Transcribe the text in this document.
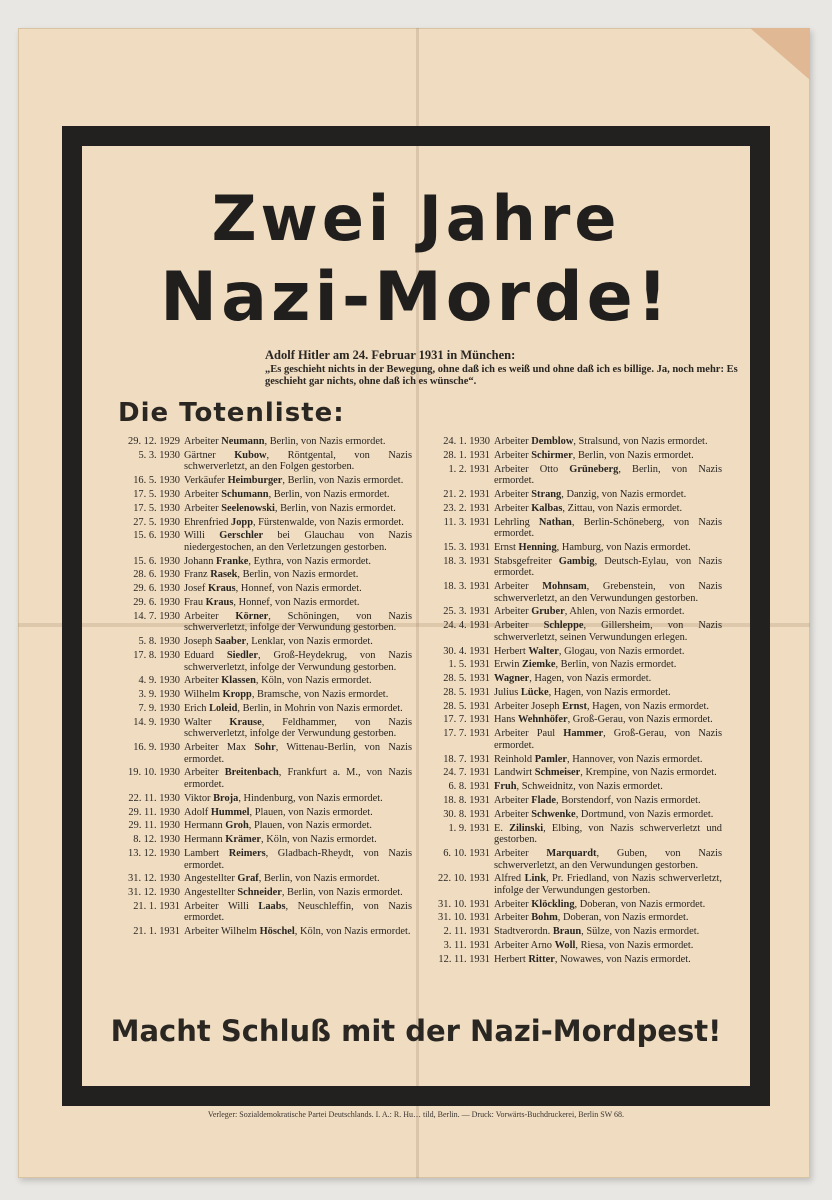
Zwei Jahre
Nazi-Morde!
Adolf Hitler am 24. Februar 1931 in München:
„Es geschieht nichts in der Bewegung, ohne daß ich es weiß und ohne daß ich es billige. Ja, noch mehr: Es geschieht gar nichts, ohne daß ich es wünsche“.
Die Totenliste:
29. 12. 1929 Arbeiter Neumann, Berlin, von Nazis ermordet.
5. 3. 1930 Gärtner Kubow, Röntgental, von Nazis schwerverletzt, an den Folgen gestorben.
16. 5. 1930 Verkäufer Heimburger, Berlin, von Nazis ermordet.
17. 5. 1930 Arbeiter Schumann, Berlin, von Nazis ermordet.
17. 5. 1930 Arbeiter Seelenowski, Berlin, von Nazis ermordet.
27. 5. 1930 Ehrenfried Jopp, Fürstenwalde, von Nazis ermordet.
15. 6. 1930 Willi Gerschler bei Glauchau von Nazis niedergestochen, an den Verletzungen gestorben.
15. 6. 1930 Johann Franke, Eythra, von Nazis ermordet.
28. 6. 1930 Franz Rasek, Berlin, von Nazis ermordet.
29. 6. 1930 Josef Kraus, Honnef, von Nazis ermordet.
29. 6. 1930 Frau Kraus, Honnef, von Nazis ermordet.
14. 7. 1930 Arbeiter Körner, Schöningen, von Nazis schwerverletzt, infolge der Verwundung gestorben.
5. 8. 1930 Joseph Saaber, Lenklar, von Nazis ermordet.
17. 8. 1930 Eduard Siedler, Groß-Heydekrug, von Nazis schwerverletzt, infolge der Verwundung gestorben.
4. 9. 1930 Arbeiter Klassen, Köln, von Nazis ermordet.
3. 9. 1930 Wilhelm Kropp, Bramsche, von Nazis ermordet.
7. 9. 1930 Erich Loleid, Berlin, in Mohrin von Nazis ermordet.
14. 9. 1930 Walter Krause, Feldhammer, von Nazis schwerverletzt, infolge der Verwundung gestorben.
16. 9. 1930 Arbeiter Max Sohr, Wittenau-Berlin, von Nazis ermordet.
19. 10. 1930 Arbeiter Breitenbach, Frankfurt a. M., von Nazis ermordet.
22. 11. 1930 Viktor Broja, Hindenburg, von Nazis ermordet.
29. 11. 1930 Adolf Hummel, Plauen, von Nazis ermordet.
29. 11. 1930 Hermann Groh, Plauen, von Nazis ermordet.
8. 12. 1930 Hermann Krämer, Köln, von Nazis ermordet.
13. 12. 1930 Lambert Reimers, Gladbach-Rheydt, von Nazis ermordet.
31. 12. 1930 Angestellter Graf, Berlin, von Nazis ermordet.
31. 12. 1930 Angestellter Schneider, Berlin, von Nazis ermordet.
21. 1. 1931 Arbeiter Willi Laabs, Neuschleffin, von Nazis ermordet.
21. 1. 1931 Arbeiter Wilhelm Höschel, Köln, von Nazis ermordet.
24. 1. 1930 Arbeiter Demblow, Stralsund, von Nazis ermordet.
28. 1. 1931 Arbeiter Schirmer, Berlin, von Nazis ermordet.
1. 2. 1931 Arbeiter Otto Grüneberg, Berlin, von Nazis ermordet.
21. 2. 1931 Arbeiter Strang, Danzig, von Nazis ermordet.
23. 2. 1931 Arbeiter Kalbas, Zittau, von Nazis ermordet.
11. 3. 1931 Lehrling Nathan, Berlin-Schöneberg, von Nazis ermordet.
15. 3. 1931 Ernst Henning, Hamburg, von Nazis ermordet.
18. 3. 1931 Stabsgefreiter Gambig, Deutsch-Eylau, von Nazis ermordet.
18. 3. 1931 Arbeiter Mohnsam, Grebenstein, von Nazis schwerverletzt, an den Verwundungen gestorben.
25. 3. 1931 Arbeiter Gruber, Ahlen, von Nazis ermordet.
24. 4. 1931 Arbeiter Schleppe, Gillersheim, von Nazis schwerverletzt, seinen Verwundungen erlegen.
30. 4. 1931 Herbert Walter, Glogau, von Nazis ermordet.
1. 5. 1931 Erwin Ziemke, Berlin, von Nazis ermordet.
28. 5. 1931 Wagner, Hagen, von Nazis ermordet.
28. 5. 1931 Julius Lücke, Hagen, von Nazis ermordet.
28. 5. 1931 Arbeiter Joseph Ernst, Hagen, von Nazis ermordet.
17. 7. 1931 Hans Wehnhöfer, Groß-Gerau, von Nazis ermordet.
17. 7. 1931 Arbeiter Paul Hammer, Groß-Gerau, von Nazis ermordet.
18. 7. 1931 Reinhold Pamler, Hannover, von Nazis ermordet.
24. 7. 1931 Landwirt Schmeiser, Krempine, von Nazis ermordet.
6. 8. 1931 Fruh, Schweidnitz, von Nazis ermordet.
18. 8. 1931 Arbeiter Flade, Borstendorf, von Nazis ermordet.
30. 8. 1931 Arbeiter Schwenke, Dortmund, von Nazis ermordet.
1. 9. 1931 E. Zilinski, Elbing, von Nazis schwerverletzt und gestorben.
6. 10. 1931 Arbeiter Marquardt, Guben, von Nazis schwerverletzt, an den Verwundungen gestorben.
22. 10. 1931 Alfred Link, Pr. Friedland, von Nazis schwerverletzt, infolge der Verwundungen gestorben.
31. 10. 1931 Arbeiter Klöckling, Doberan, von Nazis ermordet.
31. 10. 1931 Arbeiter Bohm, Doberan, von Nazis ermordet.
2. 11. 1931 Stadtverordn. Braun, Sülze, von Nazis ermordet.
3. 11. 1931 Arbeiter Arno Woll, Riesa, von Nazis ermordet.
12. 11. 1931 Herbert Ritter, Nowawes, von Nazis ermordet.
Macht Schluß mit der Nazi-Mordpest!
Verleger: Sozialdemokratische Partei Deutschlands. I. A.: R. Hu… tild, Berlin. — Druck: Vorwärts-Buchdruckerei, Berlin SW 68.
